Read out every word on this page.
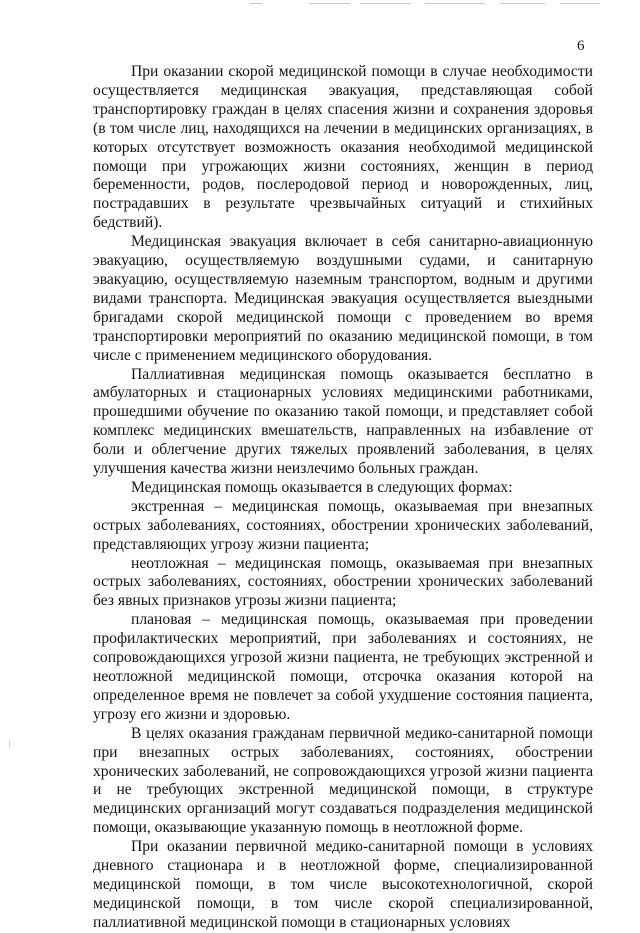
6

При оказании скорой медицинской помощи в случае необходимости осуществляется медицинская эвакуация, представляющая собой транспортировку граждан в целях спасения жизни и сохранения здоровья (в том числе лиц, находящихся на лечении в медицинских организациях, в которых отсутствует возможность оказания необходимой медицинской помощи при угрожающих жизни состояниях, женщин в период беременности, родов, послеродовой период и новорожденных, лиц, пострадавших в результате чрезвычайных ситуаций и стихийных бедствий).

Медицинская эвакуация включает в себя санитарно-авиационную эвакуацию, осуществляемую воздушными судами, и санитарную эвакуацию, осуществляемую наземным транспортом, водным и другими видами транспорта. Медицинская эвакуация осуществляется выездными бригадами скорой медицинской помощи с проведением во время транспортировки мероприятий по оказанию медицинской помощи, в том числе с применением медицинского оборудования.

Паллиативная медицинская помощь оказывается бесплатно в амбулаторных и стационарных условиях медицинскими работниками, прошедшими обучение по оказанию такой помощи, и представляет собой комплекс медицинских вмешательств, направленных на избавление от боли и облегчение других тяжелых проявлений заболевания, в целях улучшения качества жизни неизлечимо больных граждан.

Медицинская помощь оказывается в следующих формах:

экстренная – медицинская помощь, оказываемая при внезапных острых заболеваниях, состояниях, обострении хронических заболеваний, представляющих угрозу жизни пациента;

неотложная – медицинская помощь, оказываемая при внезапных острых заболеваниях, состояниях, обострении хронических заболеваний без явных признаков угрозы жизни пациента;

плановая – медицинская помощь, оказываемая при проведении профилактических мероприятий, при заболеваниях и состояниях, не сопровождающихся угрозой жизни пациента, не требующих экстренной и неотложной медицинской помощи, отсрочка оказания которой на определенное время не повлечет за собой ухудшение состояния пациента, угрозу его жизни и здоровью.

В целях оказания гражданам первичной медико-санитарной помощи при внезапных острых заболеваниях, состояниях, обострении хронических заболеваний, не сопровождающихся угрозой жизни пациента и не требующих экстренной медицинской помощи, в структуре медицинских организаций могут создаваться подразделения медицинской помощи, оказывающие указанную помощь в неотложной форме.

При оказании первичной медико-санитарной помощи в условиях дневного стационара и в неотложной форме, специализированной медицинской помощи, в том числе высокотехнологичной, скорой медицинской помощи, в том числе скорой специализированной, паллиативной медицинской помощи в стационарных условиях
